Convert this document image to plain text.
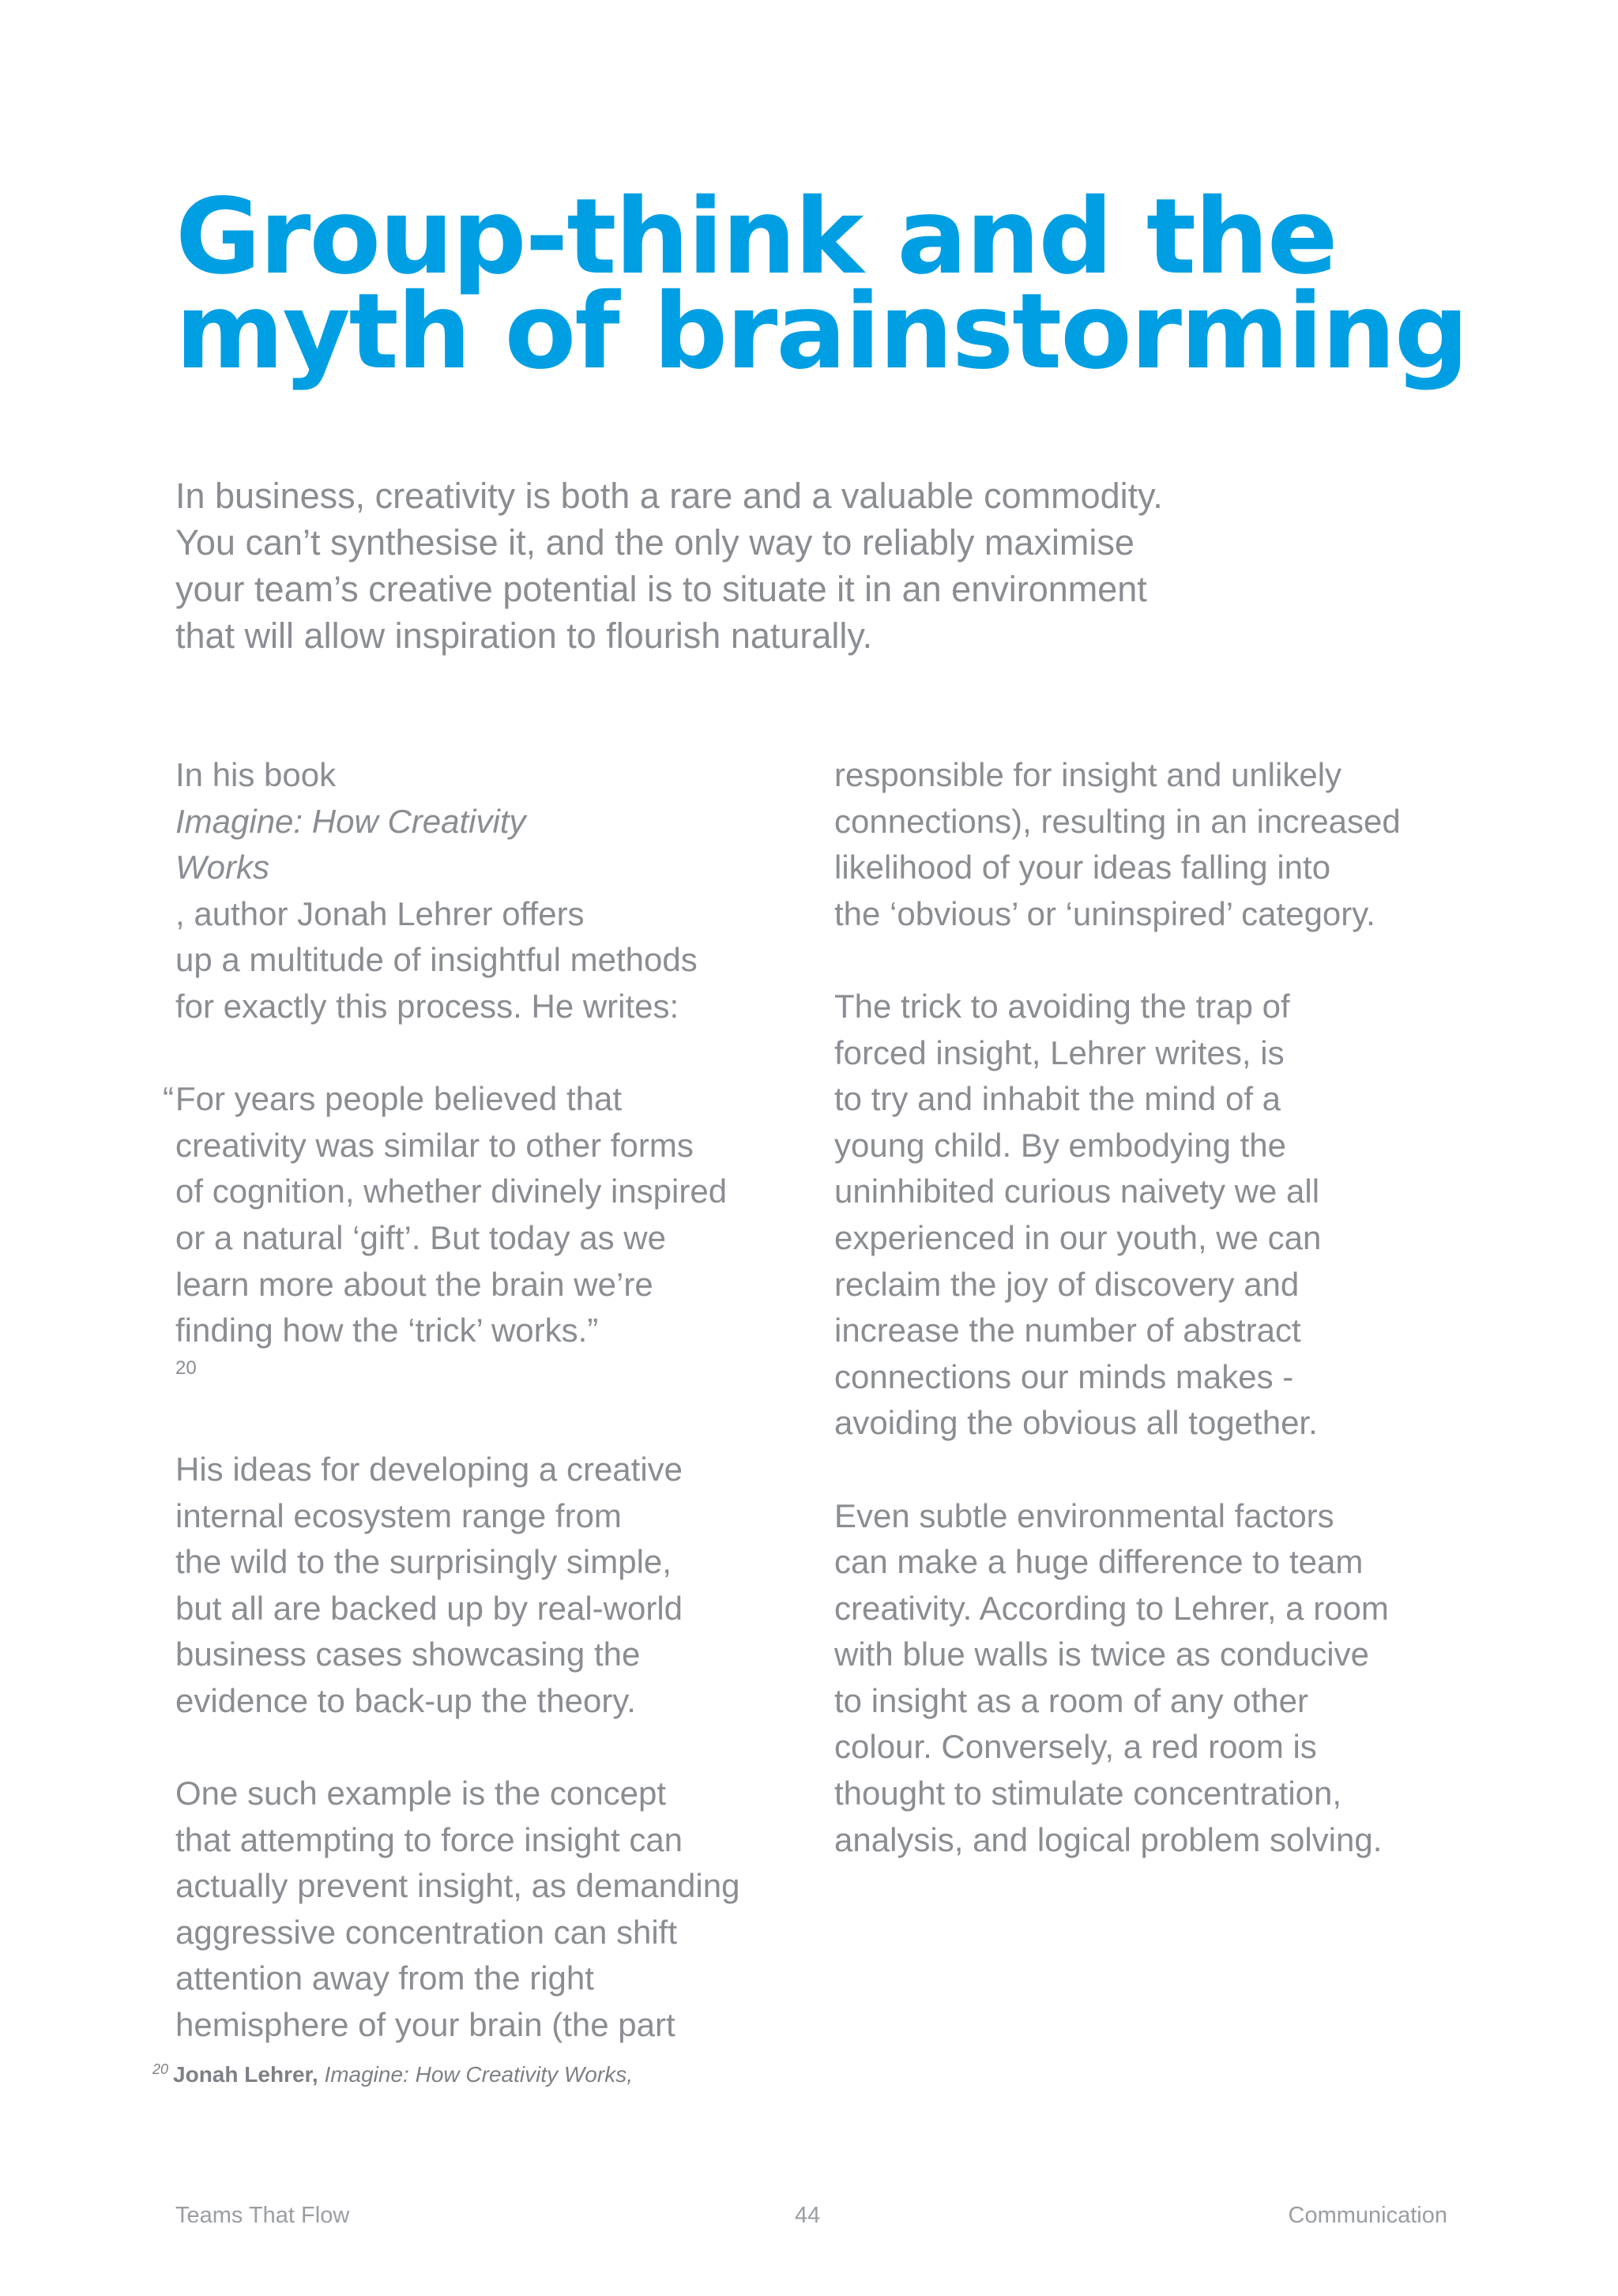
Group-think and the
myth of brainstorming

In business, creativity is both a rare and a valuable commodity.
You can’t synthesise it, and the only way to reliably maximise
your team’s creative potential is to situate it in an environment
that will allow inspiration to flourish naturally.

In his book
Imagine: How Creativity
Works
, author Jonah Lehrer offers
up a multitude of insightful methods
for exactly this process. He writes:

“ For years people believed that
creativity was similar to other forms
of cognition, whether divinely inspired
or a natural ‘gift’. But today as we
learn more about the brain we’re
finding how the ‘trick’ works.”
$^{20}$

His ideas for developing a creative
internal ecosystem range from
the wild to the surprisingly simple,
but all are backed up by real-world
business cases showcasing the
evidence to back-up the theory.

One such example is the concept
that attempting to force insight can
actually prevent insight, as demanding
aggressive concentration can shift
attention away from the right
hemisphere of your brain (the part

responsible for insight and unlikely
connections), resulting in an increased
likelihood of your ideas falling into
the ‘obvious’ or ‘uninspired’ category.

The trick to avoiding the trap of
forced insight, Lehrer writes, is
to try and inhabit the mind of a
young child. By embodying the
uninhibited curious naivety we all
experienced in our youth, we can
reclaim the joy of discovery and
increase the number of abstract
connections our minds makes -
avoiding the obvious all together.

Even subtle environmental factors
can make a huge difference to team
creativity. According to Lehrer, a room
with blue walls is twice as conducive
to insight as a room of any other
colour. Conversely, a red room is
thought to stimulate concentration,
analysis, and logical problem solving.

$^{20}$ Jonah Lehrer, Imagine: How Creativity Works,
Teams That Flow	44	Communication
